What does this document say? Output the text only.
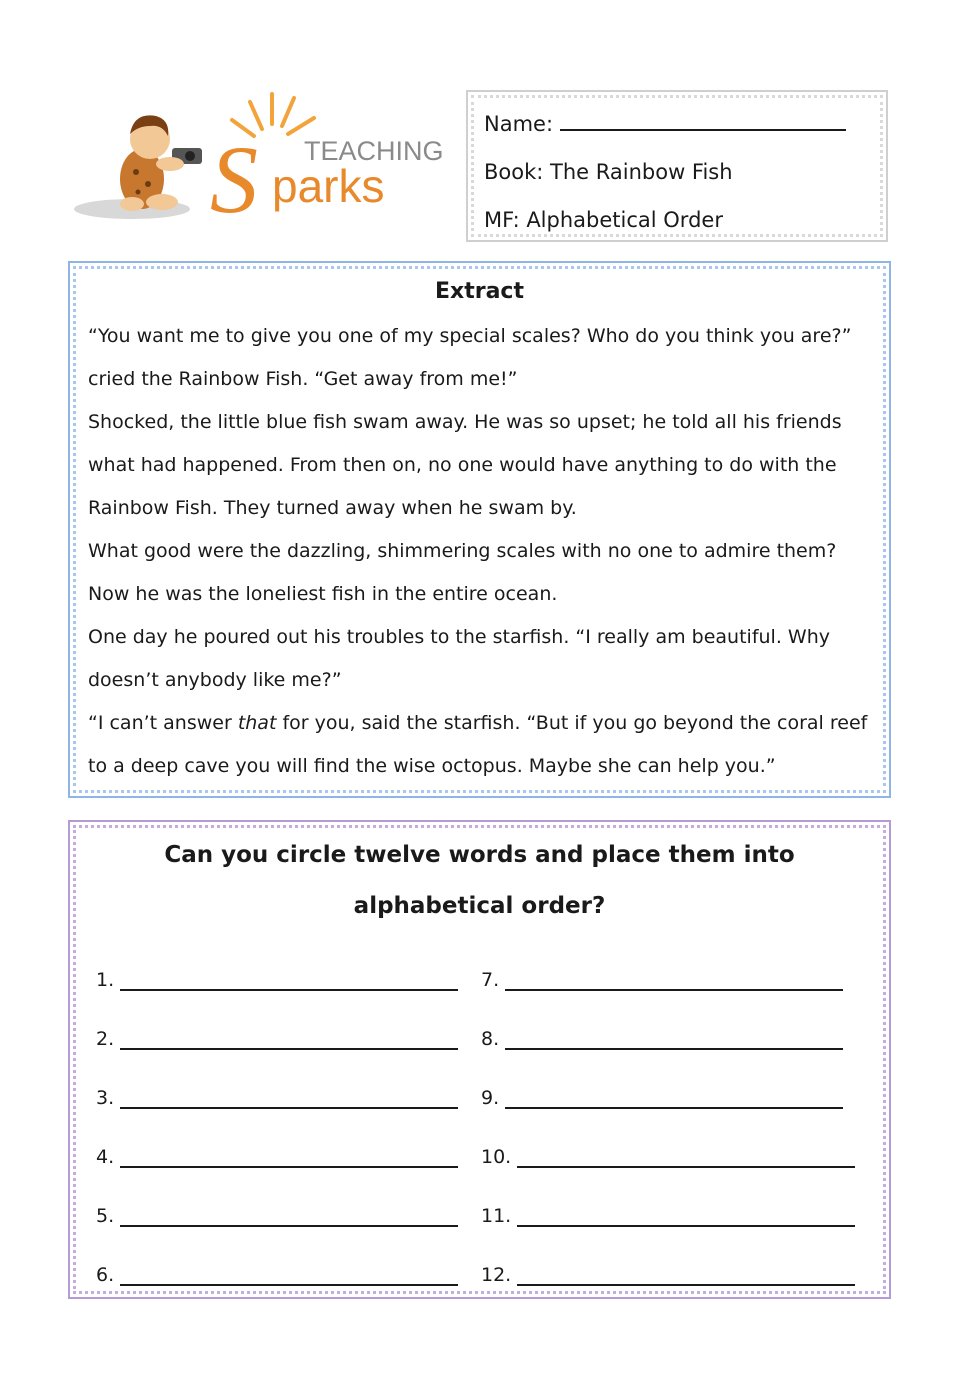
S TEACHING
parks
Name:
Book: The Rainbow Fish
MF: Alphabetical Order
Extract

“You want me to give you one of my special scales? Who do you think you are?” cried the Rainbow Fish. “Get away from me!”

Shocked, the little blue fish swam away. He was so upset; he told all his friends what had happened. From then on, no one would have anything to do with the Rainbow Fish. They turned away when he swam by.

What good were the dazzling, shimmering scales with no one to admire them? Now he was the loneliest fish in the entire ocean.

One day he poured out his troubles to the starfish. “I really am beautiful. Why doesn’t anybody like me?”

“I can’t answer that for you, said the starfish. “But if you go beyond the coral reef to a deep cave you will find the wise octopus. Maybe she can help you.”

Can you circle twelve words and place them into alphabetical order?
1.	7.
2.	8.
3.	9.
4.	10.
5.	11.
6.	12.
